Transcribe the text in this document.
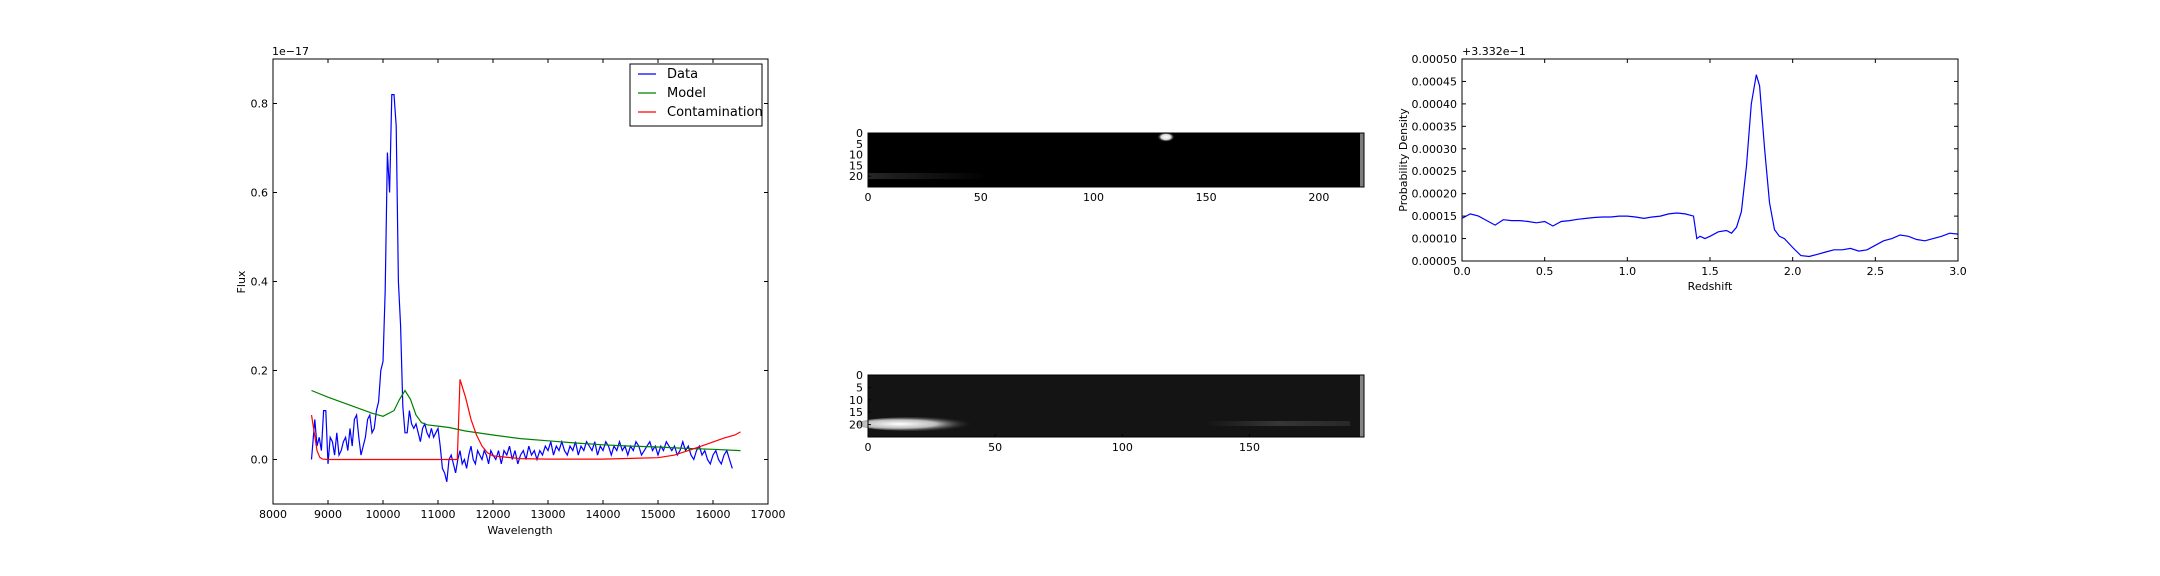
8000 9000 10000 11000 12000 13000 14000 15000 16000 17000
0.0
0.2
0.4
0.6
0.8
1e−17
Wavelength
Flux
Data
Model
Contamination
0	50	100	150	200
0
5
10
15
20
0	50	100	150
0
5
10
15
20
0.0	0.5	1.0	1.5	2.0	2.5	3.0
0.00005
0.00010
0.00015
0.00020
0.00025
0.00030
0.00035
0.00040
0.00045
0.00050
+3.332e−1
Redshift
Probability Density
